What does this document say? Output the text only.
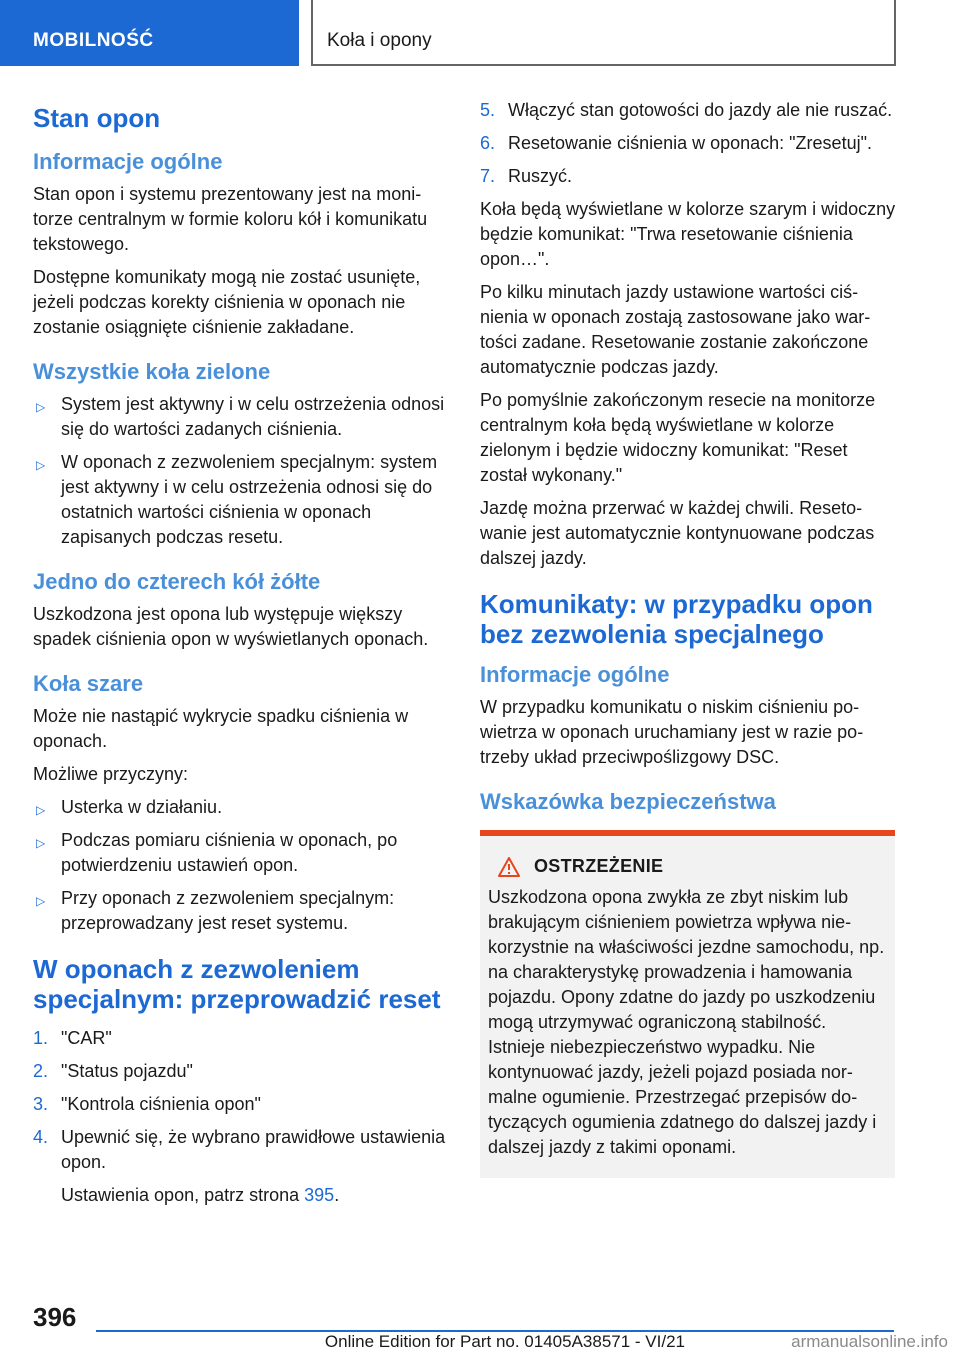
MOBILNOŚĆ	Koła i opony
Stan opon
Informacje ogólne

Stan opon i systemu prezentowany jest na monitorze centralnym w formie koloru kół i komunikatu tekstowego.

Dostępne komunikaty mogą nie zostać usunięte, jeżeli podczas korekty ciśnienia w oponach nie zostanie osiągnięte ciśnienie zakładane.

Wszystkie koła zielone
▷ System jest aktywny i w celu ostrzeżenia odnosi się do wartości zadanych ciśnienia.
▷ W oponach z zezwoleniem specjalnym: system jest aktywny i w celu ostrzeżenia odnosi się do ostatnich wartości ciśnienia w oponach zapisanych podczas resetu.
Jedno do czterech kół żółte

Uszkodzona jest opona lub występuje większy spadek ciśnienia opon w wyświetlanych oponach.

Koła szare

Może nie nastąpić wykrycie spadku ciśnienia w oponach.

Możliwe przyczyny:

▷ Usterka w działaniu.
▷ Podczas pomiaru ciśnienia w oponach, po potwierdzeniu ustawień opon.
▷ Przy oponach z zezwoleniem specjalnym: przeprowadzany jest reset systemu.
W oponach z zezwoleniem specjalnym: przeprowadzić reset
1. "CAR"
2. "Status pojazdu"
3. "Kontrola ciśnienia opon"
4. Upewnić się, że wybrano prawidłowe ustawienia opon.
Ustawienia opon, patrz strona 395.
5. Włączyć stan gotowości do jazdy ale nie ruszać.
6. Resetowanie ciśnienia w oponach: "Zresetuj".
7. Ruszyć.

Koła będą wyświetlane w kolorze szarym i widoczny będzie komunikat: "Trwa resetowanie ciśnienia opon…".

Po kilku minutach jazdy ustawione wartości ciśnienia w oponach zostają zastosowane jako wartości zadane. Resetowanie zostanie zakończone automatycznie podczas jazdy.

Po pomyślnie zakończonym resecie na monitorze centralnym koła będą wyświetlane w kolorze zielonym i będzie widoczny komunikat: "Reset został wykonany."

Jazdę można przerwać w każdej chwili. Resetowanie jest automatycznie kontynuowane podczas dalszej jazdy.

Komunikaty: w przypadku opon bez zezwolenia specjalnego
Informacje ogólne

W przypadku komunikatu o niskim ciśnieniu powietrza w oponach uruchamiany jest w razie potrzeby układ przeciwpoślizgowy DSC.

Wskazówka bezpieczeństwa
OSTRZEŻENIE

Uszkodzona opona zwykła ze zbyt niskim lub brakującym ciśnieniem powietrza wpływa niekorzystnie na właściwości jezdne samochodu, np. na charakterystykę prowadzenia i hamowania pojazdu. Opony zdatne do jazdy po uszkodzeniu mogą utrzymywać ograniczoną stabilność. Istnieje niebezpieczeństwo wypadku. Nie kontynuować jazdy, jeżeli pojazd posiada normalne ogumienie. Przestrzegać przepisów dotyczących ogumienia zdatnego do dalszej jazdy i dalszej jazdy z takimi oponami.

396
Online Edition for Part no. 01405A38571 - VI/21	armanualsonline.info
